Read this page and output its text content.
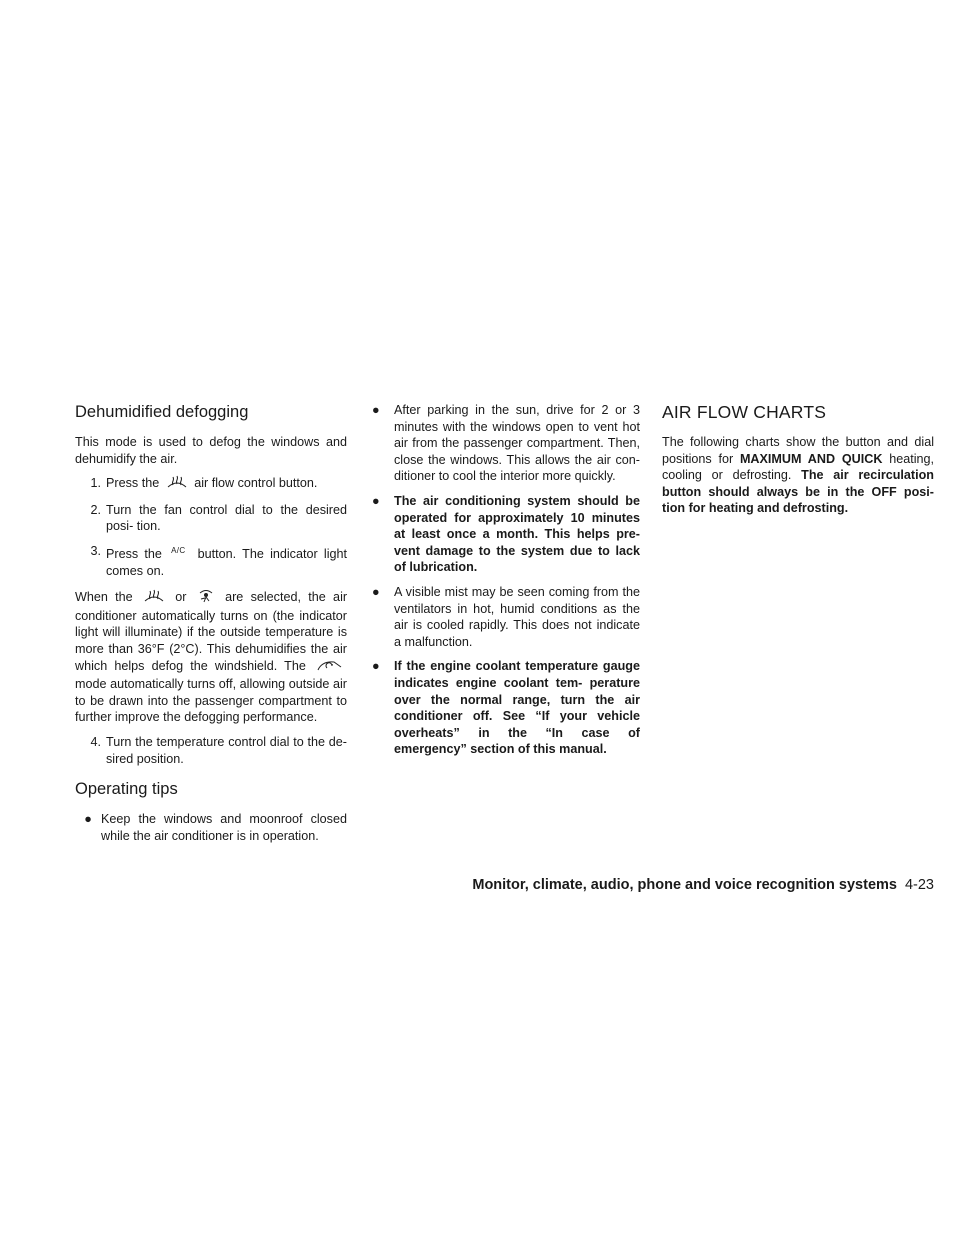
Dehumidified defogging

This mode is used to defog the windows and dehumidify the air.

1. Press the	air flow control button.
2. Turn the fan control dial to the desired posi- tion.
3. Press the $^{A/C}$ button. The indicator light comes on.

When the	or	are selected, the air conditioner automatically turns on (the indicator light will illuminate) if the outside temperature is more than 36°F (2°C). This dehumidifies the air which helps defog the windshield. The  mode automatically turns off, allowing outside air to be drawn into the passenger compartment to further improve the defogging performance.

4. Turn the temperature control dial to the de- sired position.
Operating tips
● Keep the windows and moonroof closed while the air conditioner is in operation.
●	After parking in the sun, drive for 2 or 3 minutes with the windows open to vent hot air from the passenger compartment. Then, close the windows. This allows the air con- ditioner to cool the interior more quickly.
●	The air conditioning system should be operated for approximately 10 minutes at least once a month. This helps pre- vent damage to the system due to lack of lubrication.
●	A visible mist may be seen coming from the ventilators in hot, humid conditions as the air is cooled rapidly. This does not indicate a malfunction.
●	If the engine coolant temperature gauge indicates engine coolant tem- perature over the normal range, turn the air conditioner off. See “If your vehicle overheats” in the “In case of emergency” section of this manual.
AIR FLOW CHARTS

The following charts show the button and dial positions for MAXIMUM AND QUICK heating, cooling or defrosting. The air recirculation button should always be in the OFF posi- tion for heating and defrosting.

Monitor, climate, audio, phone and voice recognition systems 4-23
